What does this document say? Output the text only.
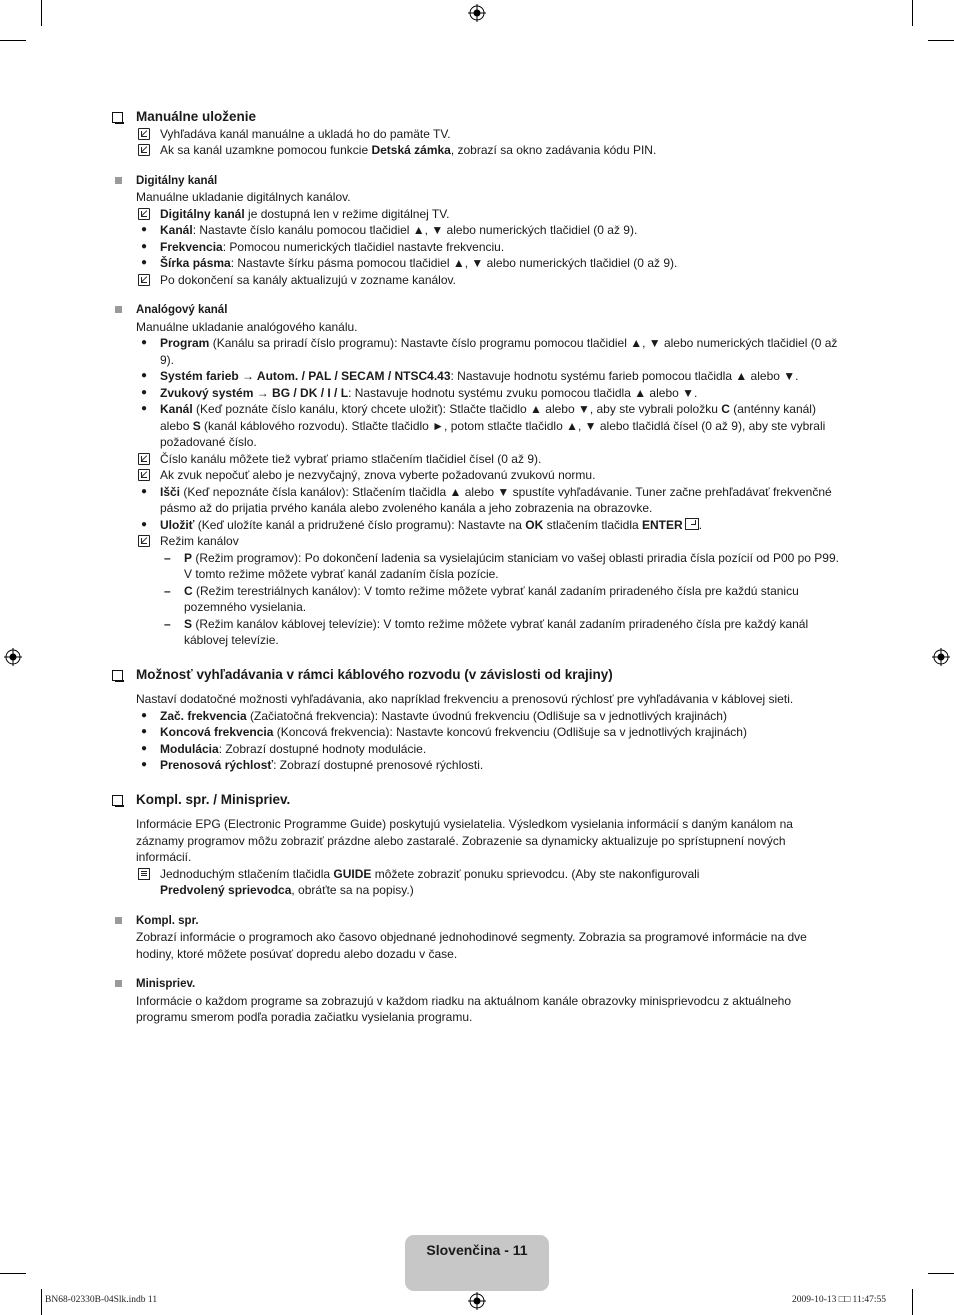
Manuálne uloženie

Vyhľadáva kanál manuálne a ukladá ho do pamäte TV.

Ak sa kanál uzamkne pomocou funkcie Detská zámka, zobrazí sa okno zadávania kódu PIN.

Digitálny kanál

Manuálne ukladanie digitálnych kanálov.

Digitálny kanál je dostupná len v režime digitálnej TV.

●	Kanál: Nastavte číslo kanálu pomocou tlačidiel ▲, ▼ alebo numerických tlačidiel (0 až 9).

●	Frekvencia: Pomocou numerických tlačidiel nastavte frekvenciu.

●	Šírka pásma: Nastavte šírku pásma pomocou tlačidiel ▲, ▼ alebo numerických tlačidiel (0 až 9).

Po dokončení sa kanály aktualizujú v zozname kanálov.

Analógový kanál

Manuálne ukladanie analógového kanálu.

●	Program (Kanálu sa priradí číslo programu): Nastavte číslo programu pomocou tlačidiel ▲, ▼ alebo numerických tlačidiel (0 až 9).

●	Systém farieb → Autom. / PAL / SECAM / NTSC4.43: Nastavuje hodnotu systému farieb pomocou tlačidla ▲ alebo ▼.

●	Zvukový systém → BG / DK / I / L: Nastavuje hodnotu systému zvuku pomocou tlačidla ▲ alebo ▼.

●	Kanál (Keď poznáte číslo kanálu, ktorý chcete uložiť): Stlačte tlačidlo ▲ alebo ▼, aby ste vybrali položku C (anténny kanál) alebo S (kanál káblového rozvodu). Stlačte tlačidlo ►, potom stlačte tlačidlo ▲, ▼ alebo tlačidlá čísel (0 až 9), aby ste vybrali požadované číslo.

Číslo kanálu môžete tiež vybrať priamo stlačením tlačidiel čísel (0 až 9).

Ak zvuk nepočuť alebo je nezvyčajný, znova vyberte požadovanú zvukovú normu.

●	Išči (Keď nepoznáte čísla kanálov): Stlačením tlačidla ▲ alebo ▼ spustíte vyhľadávanie. Tuner začne prehľadávať frekvenčné pásmo až do prijatia prvého kanála alebo zvoleného kanála a jeho zobrazenia na obrazovke.

●	Uložiť (Keď uložíte kanál a pridružené číslo programu): Nastavte na OK stlačením tlačidla ENTER .

Režim kanálov

– P (Režim programov): Po dokončení ladenia sa vysielajúcim staniciam vo vašej oblasti priradia čísla pozícií od P00 po P99. V tomto režime môžete vybrať kanál zadaním čísla pozície.

– C (Režim terestriálnych kanálov): V tomto režime môžete vybrať kanál zadaním priradeného čísla pre každú stanicu pozemného vysielania.

– S (Režim kanálov káblovej televízie): V tomto režime môžete vybrať kanál zadaním priradeného čísla pre každý kanál káblovej televízie.

Možnosť vyhľadávania v rámci káblového rozvodu (v závislosti od krajiny)

Nastaví dodatočné možnosti vyhľadávania, ako napríklad frekvenciu a prenosovú rýchlosť pre vyhľadávania v káblovej sieti.

●	Zač. frekvencia (Začiatočná frekvencia): Nastavte úvodnú frekvenciu (Odlišuje sa v jednotlivých krajinách)

●	Koncová frekvencia (Koncová frekvencia): Nastavte koncovú frekvenciu (Odlišuje sa v jednotlivých krajinách)

●	Modulácia: Zobrazí dostupné hodnoty modulácie.

●	Prenosová rýchlosť: Zobrazí dostupné prenosové rýchlosti.

Kompl. spr. / Minispriev.

Informácie EPG (Electronic Programme Guide) poskytujú vysielatelia. Výsledkom vysielania informácií s daným kanálom na záznamy programov môžu zobraziť prázdne alebo zastaralé. Zobrazenie sa dynamicky aktualizuje po sprístupnení nových informácií.

Jednoduchým stlačením tlačidla GUIDE môžete zobraziť ponuku sprievodcu. (Aby ste nakonfigurovali
Predvolený sprievodca, obráťte sa na popisy.)

Kompl. spr.

Zobrazí informácie o programoch ako časovo objednané jednohodinové segmenty. Zobrazia sa programové informácie na dve hodiny, ktoré môžete posúvať dopredu alebo dozadu v čase.

Minispriev.

Informácie o každom programe sa zobrazujú v každom riadku na aktuálnom kanále obrazovky minisprievodcu z aktuálneho programu smerom podľa poradia začiatku vysielania programu.

Slovenčina - 11
BN68-02330B-04Slk.indb 11	2009-10-13 □□ 11:47:55
